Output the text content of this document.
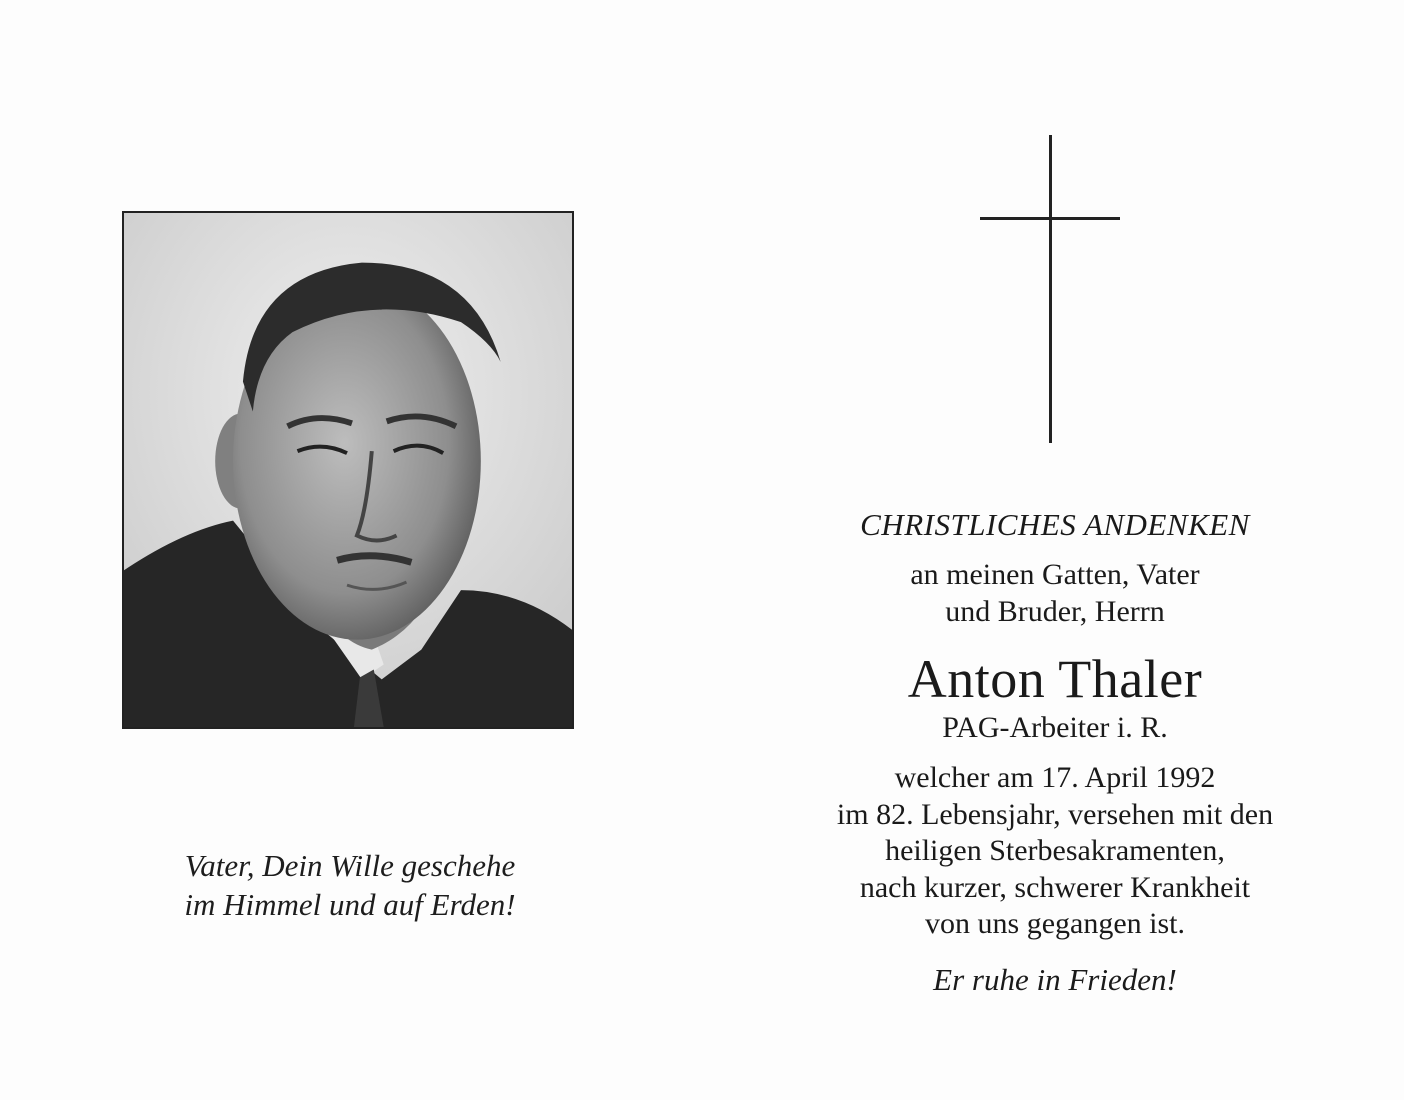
Vater, Dein Wille geschehe
im Himmel und auf Erden!
CHRISTLICHES ANDENKEN
an meinen Gatten, Vater
und Bruder, Herrn
Anton Thaler
PAG-Arbeiter i. R.
welcher am 17. April 1992
im 82. Lebensjahr, versehen mit den
heiligen Sterbesakramenten,
nach kurzer, schwerer Krankheit
von uns gegangen ist.
Er ruhe in Frieden!
